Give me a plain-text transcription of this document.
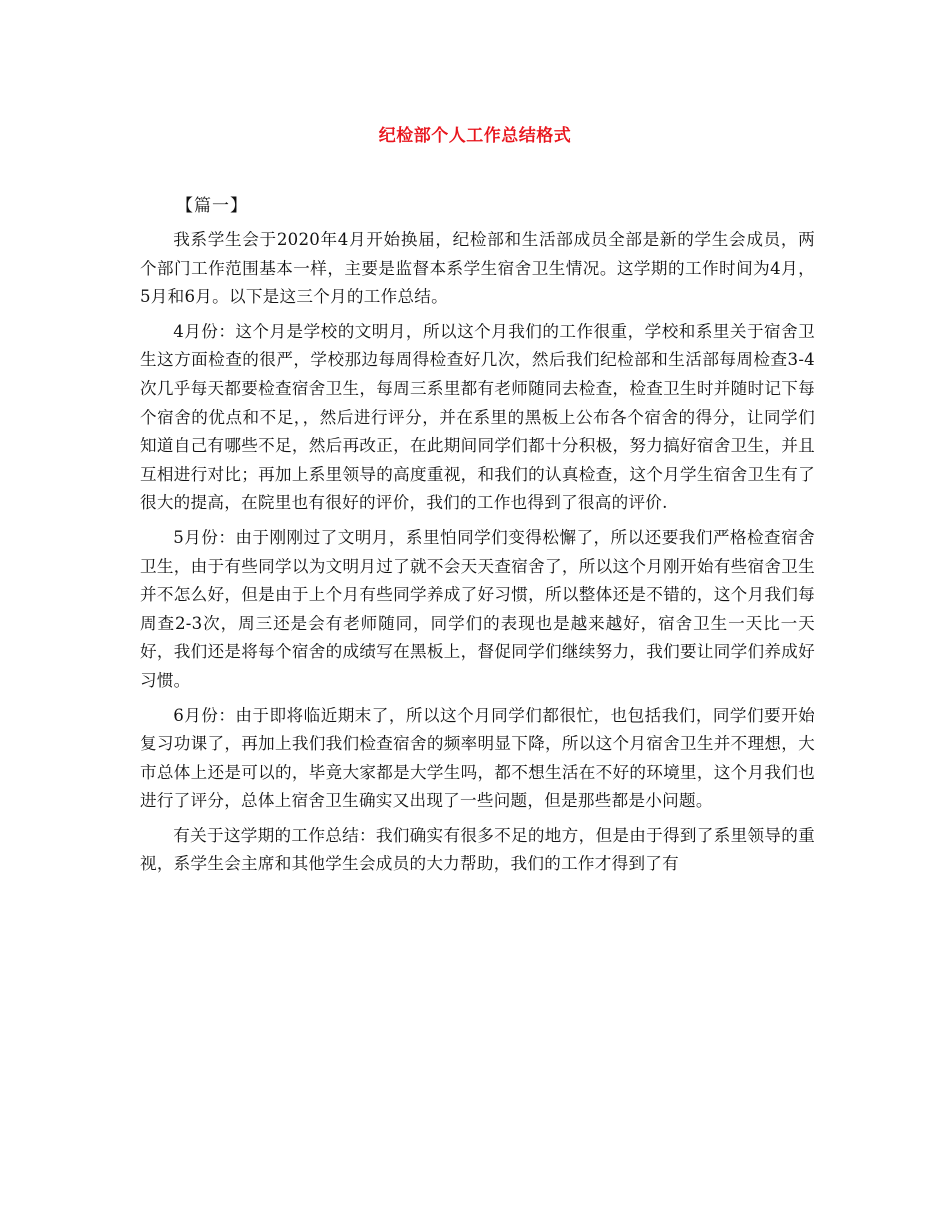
纪检部个人工作总结格式
【篇一】

我系学生会于2020年4月开始换届，纪检部和生活部成员全部是新的学生会成员，两个部门工作范围基本一样，主要是监督本系学生宿舍卫生情况。这学期的工作时间为4月，5月和6月。以下是这三个月的工作总结。

4月份：这个月是学校的文明月，所以这个月我们的工作很重，学校和系里关于宿舍卫生这方面检查的很严，学校那边每周得检查好几次，然后我们纪检部和生活部每周检查3-4次几乎每天都要检查宿舍卫生，每周三系里都有老师随同去检查，检查卫生时并随时记下每个宿舍的优点和不足，，然后进行评分，并在系里的黑板上公布各个宿舍的得分，让同学们知道自己有哪些不足，然后再改正，在此期间同学们都十分积极，努力搞好宿舍卫生，并且互相进行对比；再加上系里领导的高度重视，和我们的认真检查，这个月学生宿舍卫生有了很大的提高，在院里也有很好的评价，我们的工作也得到了很高的评价.

5月份：由于刚刚过了文明月，系里怕同学们变得松懈了，所以还要我们严格检查宿舍卫生，由于有些同学以为文明月过了就不会天天查宿舍了，所以这个月刚开始有些宿舍卫生并不怎么好，但是由于上个月有些同学养成了好习惯，所以整体还是不错的，这个月我们每周查2-3次，周三还是会有老师随同，同学们的表现也是越来越好，宿舍卫生一天比一天好，我们还是将每个宿舍的成绩写在黑板上，督促同学们继续努力，我们要让同学们养成好习惯。

6月份：由于即将临近期末了，所以这个月同学们都很忙，也包括我们，同学们要开始复习功课了，再加上我们我们检查宿舍的频率明显下降，所以这个月宿舍卫生并不理想，大市总体上还是可以的，毕竟大家都是大学生吗，都不想生活在不好的环境里，这个月我们也进行了评分，总体上宿舍卫生确实又出现了一些问题，但是那些都是小问题。

有关于这学期的工作总结：我们确实有很多不足的地方，但是由于得到了系里领导的重视，系学生会主席和其他学生会成员的大力帮助，我们的工作才得到了有
